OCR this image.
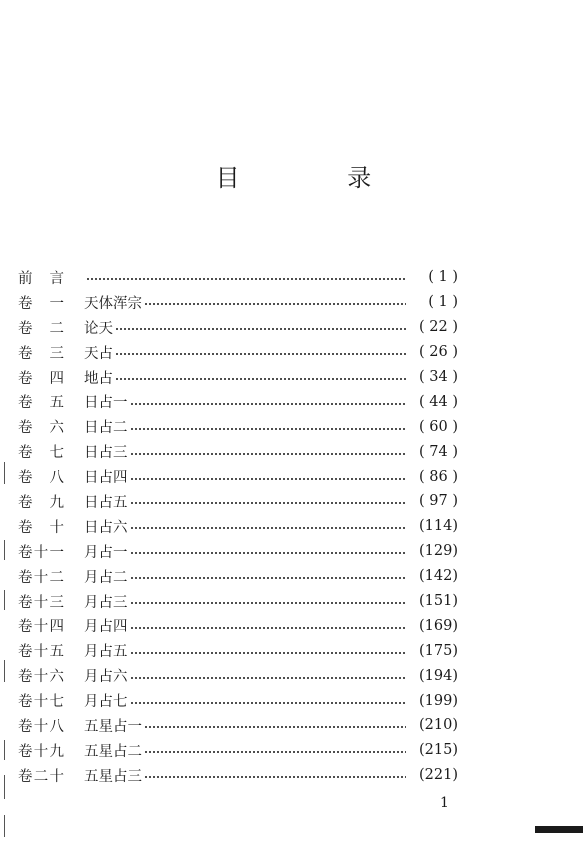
目 录
前 言	( 1 )
卷 一 天体浑宗	( 1 )
卷 二 论天	( 22 )
卷 三 天占	( 26 )
卷 四 地占	( 34 )
卷 五 日占一	( 44 )
卷 六 日占二	( 60 )
卷 七 日占三	( 74 )
卷 八 日占四	( 86 )
卷 九 日占五	( 97 )
卷 十 日占六	(114)
卷 十 一 月占一	(129)
卷 十 二 月占二	(142)
卷 十 三 月占三	(151)
卷 十 四 月占四	(169)
卷 十 五 月占五	(175)
卷 十 六 月占六	(194)
卷 十 七 月占七	(199)
卷 十 八 五星占一	(210)
卷 十 九 五星占二	(215)
卷 二 十 五星占三	(221)
1
